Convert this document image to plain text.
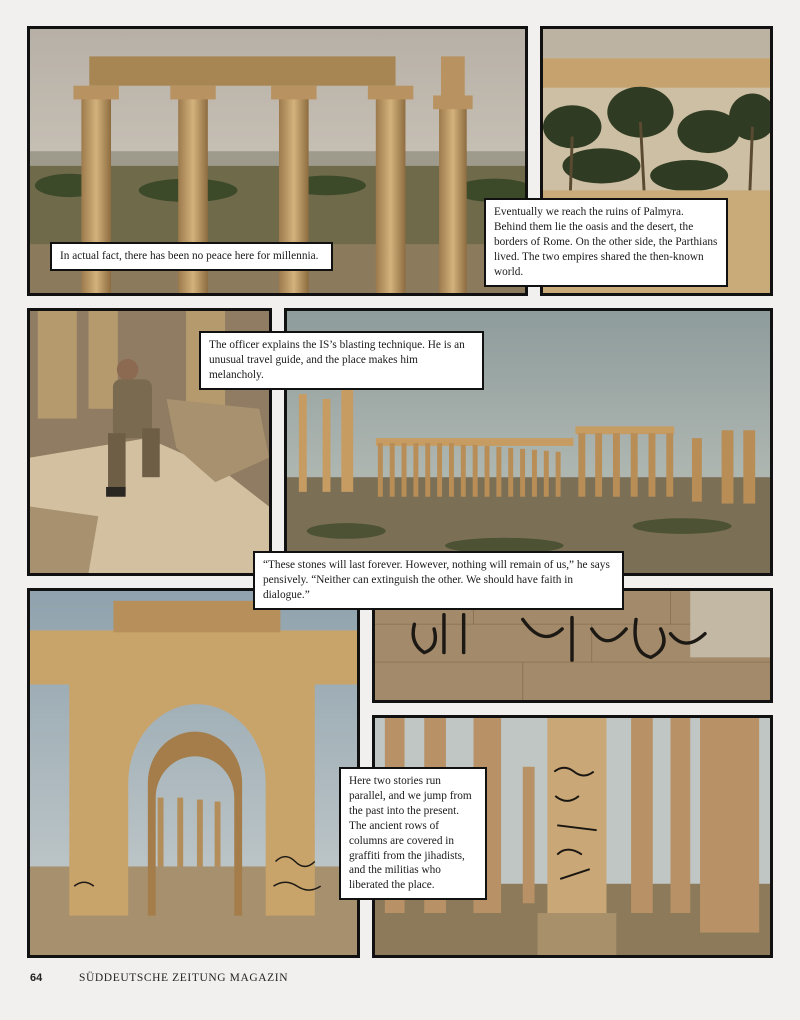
In actual fact, there has been no peace here for millennia.
Eventually we reach the ruins of Palmyra. Behind them lie the oasis and the desert, the borders of Rome. On the other side, the Parthians lived. The two empires shared the then-known world.
The officer explains the IS’s blasting technique. He is an unusual travel guide, and the place makes him melancholy.
“These stones will last forever. However, nothing will remain of us,” he says pensively. “Neither can extinguish the other. We should have faith in dialogue.”
Here two stories run parallel, and we jump from the past into the present. The ancient rows of columns are covered in graffiti from the jihadists, and the militias who liberated the place.
64	SÜDDEUTSCHE ZEITUNG MAGAZIN
